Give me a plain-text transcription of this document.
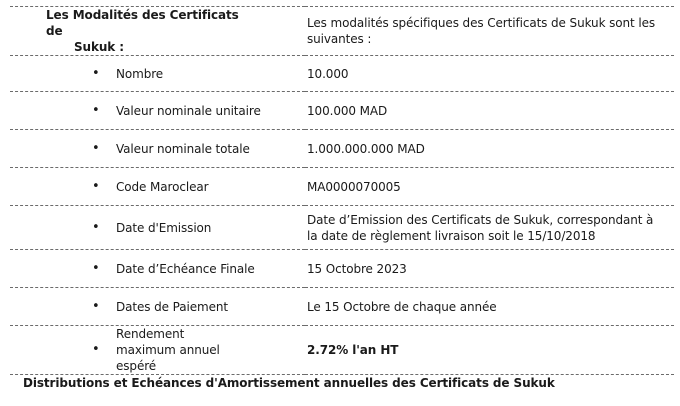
Les Modalités des Certificats de
Sukuk :	Les modalités spécifiques des Certificats de Sukuk sont les suivantes :

• Nombre	10.000

• Valeur nominale unitaire	100.000 MAD

• Valeur nominale totale	1.000.000.000 MAD

• Code Maroclear	MA0000070005

• Date d'Emission	Date d’Emission des Certificats de Sukuk, correspondant à la date de règlement livraison soit le 15/10/2018

• Date d’Echéance Finale	15 Octobre 2023

• Dates de Paiement	Le 15 Octobre de chaque année

•
Rendement maximum annuel espéré	2.72% l'an HT
Distributions et Echéances d'Amortissement annuelles des Certificats de Sukuk
